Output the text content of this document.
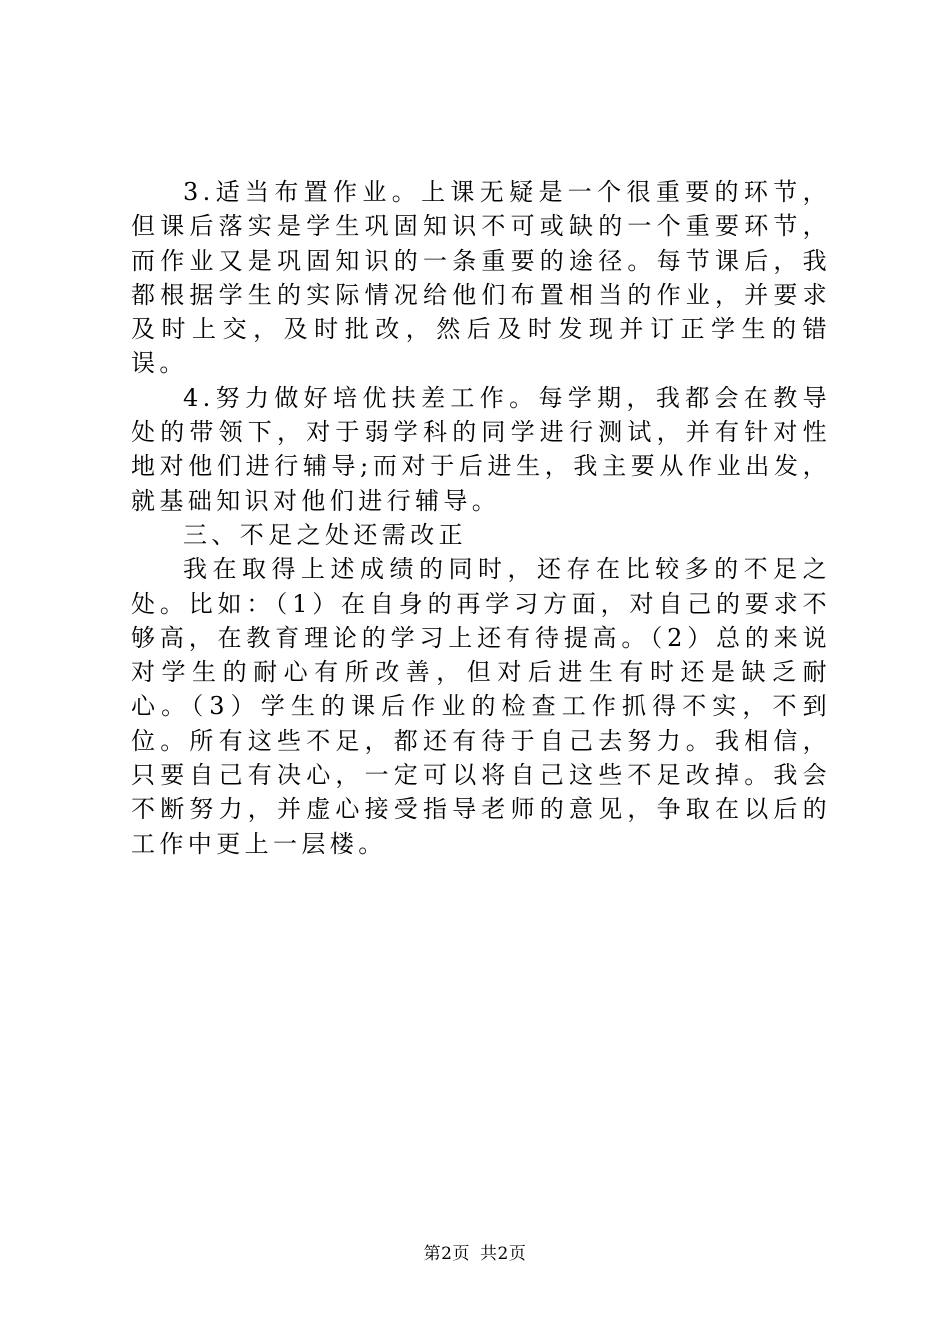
3.适当布置作业。上课无疑是一个很重要的环节，但课后落实是学生巩固知识不可或缺的一个重要环节，而作业又是巩固知识的一条重要的途径。每节课后，我都根据学生的实际情况给他们布置相当的作业，并要求及时上交，及时批改，然后及时发现并订正学生的错误。

4.努力做好培优扶差工作。每学期，我都会在教导处的带领下，对于弱学科的同学进行测试，并有针对性地对他们进行辅导;而对于后进生，我主要从作业出发，就基础知识对他们进行辅导。

三、不足之处还需改正

我在取得上述成绩的同时，还存在比较多的不足之处。比如：（1）在自身的再学习方面，对自己的要求不够高，在教育理论的学习上还有待提高。（2）总的来说对学生的耐心有所改善，但对后进生有时还是缺乏耐心。（3）学生的课后作业的检查工作抓得不实，不到位。所有这些不足，都还有待于自己去努力。我相信，只要自己有决心，一定可以将自己这些不足改掉。我会不断努力，并虚心接受指导老师的意见，争取在以后的工作中更上一层楼。

第2页 共2页
